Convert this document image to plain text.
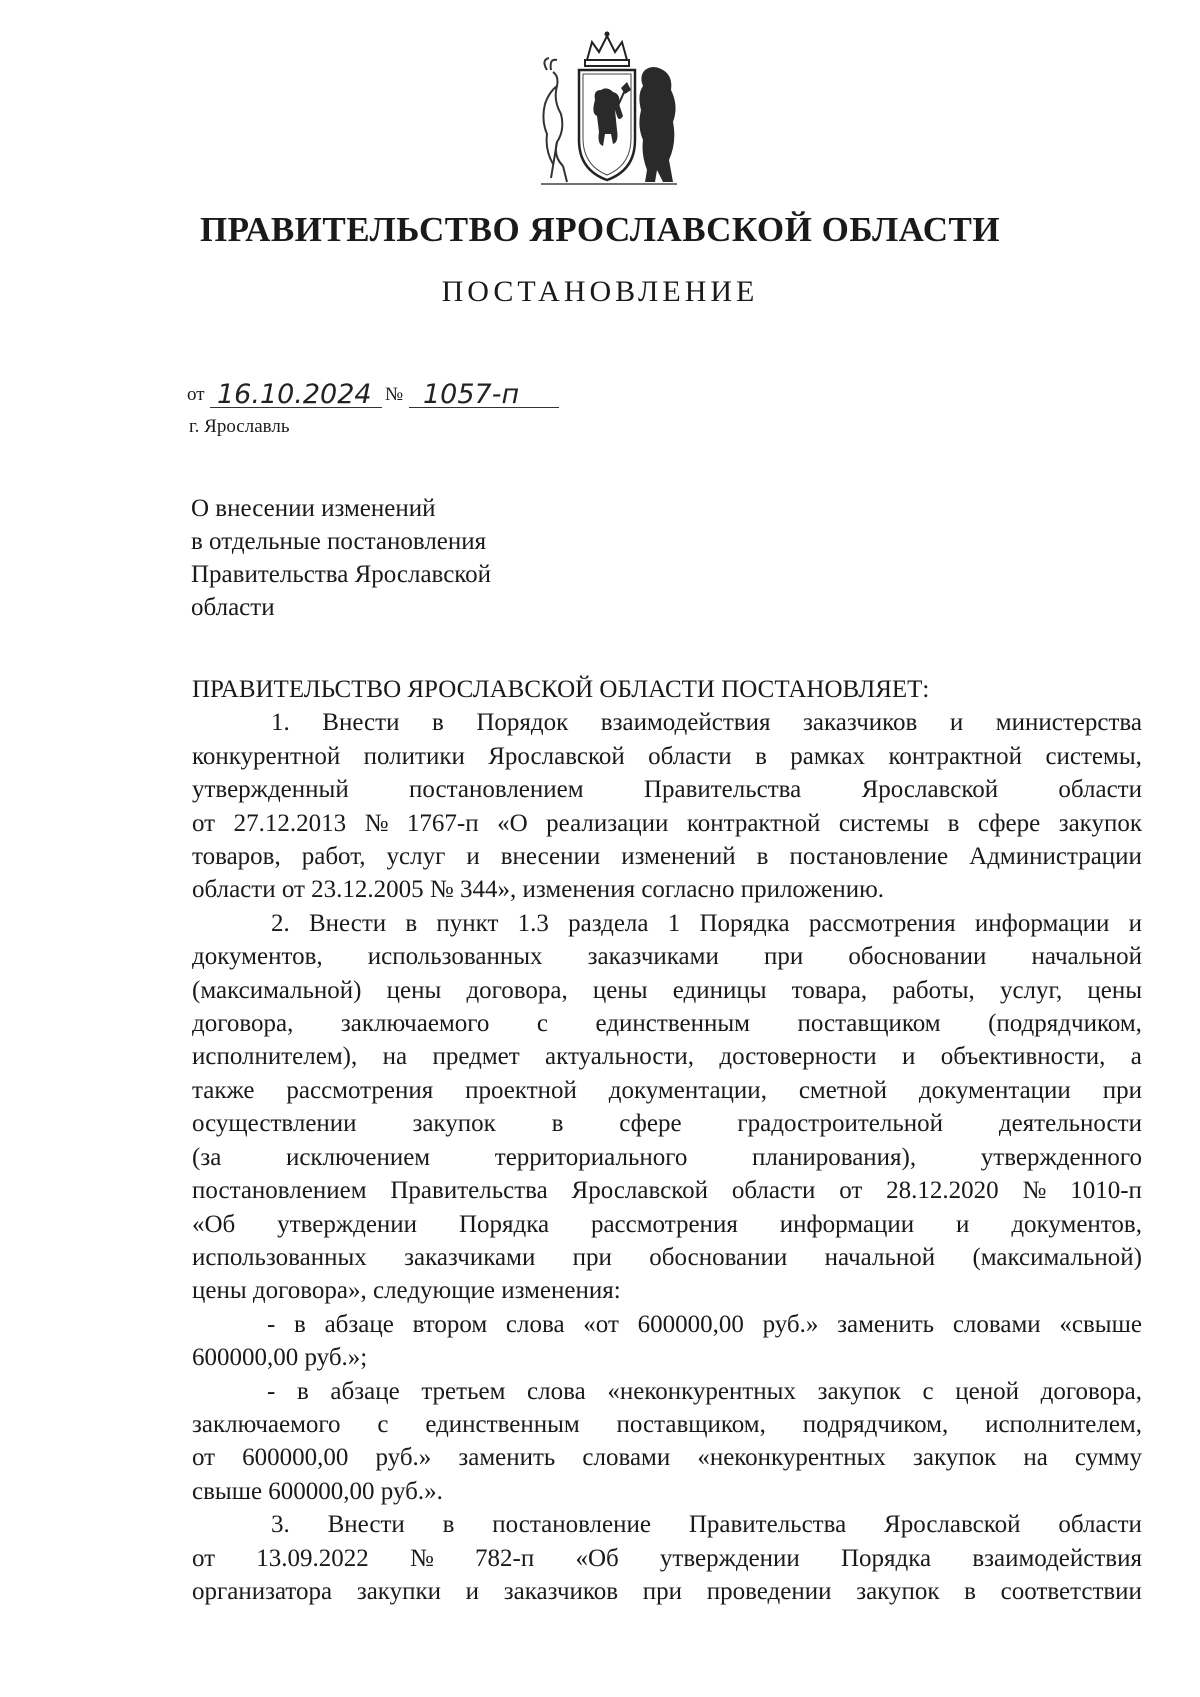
ПРАВИТЕЛЬСТВО ЯРОСЛАВСКОЙ ОБЛАСТИ
ПОСТАНОВЛЕНИЕ
от 16.10.2024 № 1057-п
г. Ярославль
О внесении изменений
в отдельные постановления
Правительства Ярославской
области
ПРАВИТЕЛЬСТВО ЯРОСЛАВСКОЙ ОБЛАСТИ ПОСТАНОВЛЯЕТ:
1. Внести в Порядок взаимодействия заказчиков и министерства
конкурентной политики Ярославской области в рамках контрактной системы,
утвержденный постановлением Правительства Ярославской области
от 27.12.2013 № 1767-п «О реализации контрактной системы в сфере закупок
товаров, работ, услуг и внесении изменений в постановление Администрации
области от 23.12.2005 № 344», изменения согласно приложению.
2. Внести в пункт 1.3 раздела 1 Порядка рассмотрения информации и
документов, использованных заказчиками при обосновании начальной
(максимальной) цены договора, цены единицы товара, работы, услуг, цены
договора, заключаемого с единственным поставщиком (подрядчиком,
исполнителем), на предмет актуальности, достоверности и объективности, а
также рассмотрения проектной документации, сметной документации при
осуществлении закупок в сфере градостроительной деятельности
(за	исключением	территориального	планирования),	утвержденного
постановлением Правительства Ярославской области от 28.12.2020 № 1010-п
«Об утверждении Порядка рассмотрения информации и документов,
использованных заказчиками при обосновании начальной (максимальной)
цены договора», следующие изменения:
- в абзаце втором слова «от 600000,00 руб.» заменить словами «свыше
600000,00 руб.»;
- в абзаце третьем слова «неконкурентных закупок с ценой договора,
заключаемого с единственным поставщиком, подрядчиком, исполнителем,
от 600000,00 руб.» заменить словами «неконкурентных закупок на сумму
свыше 600000,00 руб.».
3. Внести в постановление Правительства Ярославской области
от 13.09.2022 № 782-п «Об утверждении Порядка взаимодействия
организатора закупки и заказчиков при проведении закупок в соответствии
